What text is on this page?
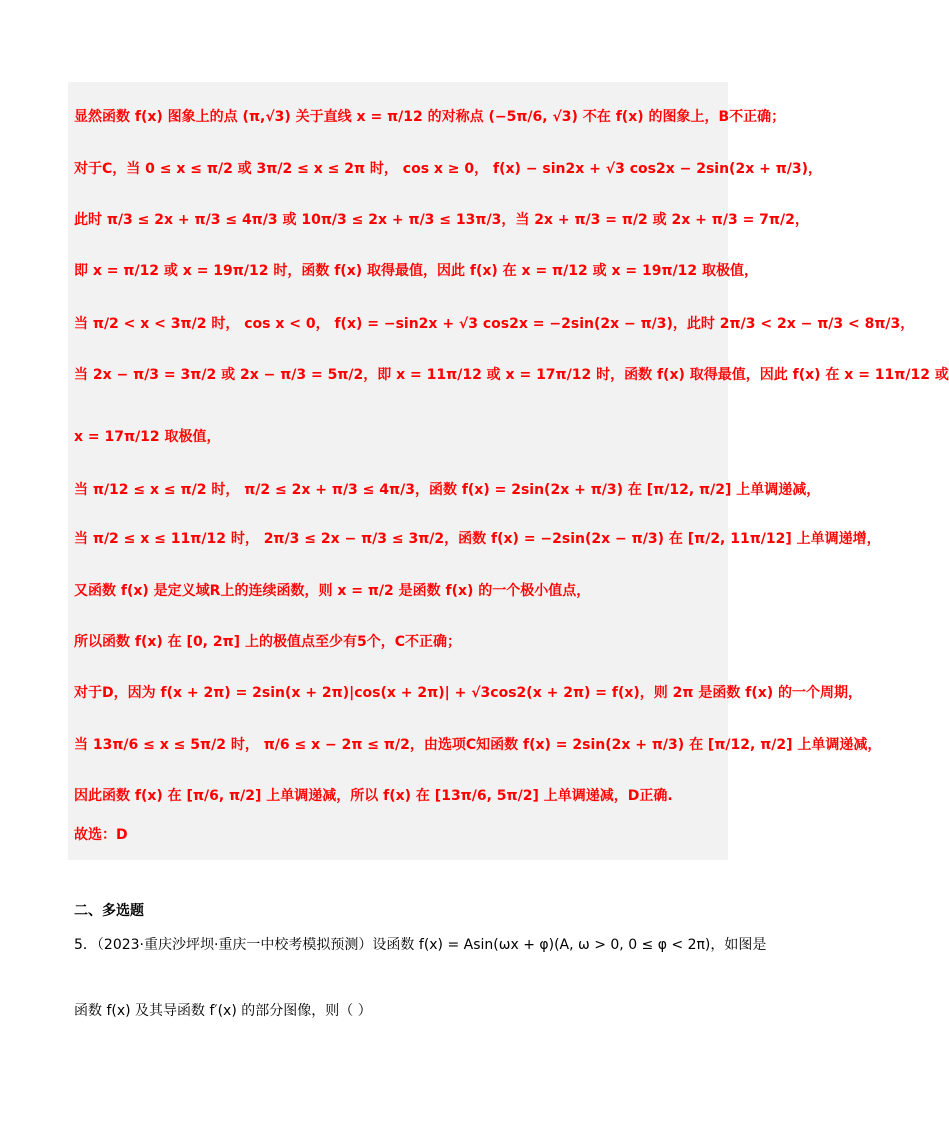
显然函数 f(x) 图象上的点 (π,√3) 关于直线 x = π/12 的对称点 (−5π/6, √3) 不在 f(x) 的图象上，B不正确；
对于C，当 0 ≤ x ≤ π/2 或 3π/2 ≤ x ≤ 2π 时， cos x ≥ 0， f(x) − sin2x + √3 cos2x − 2sin(2x + π/3)，
此时 π/3 ≤ 2x + π/3 ≤ 4π/3 或 10π/3 ≤ 2x + π/3 ≤ 13π/3，当 2x + π/3 = π/2 或 2x + π/3 = 7π/2，
即 x = π/12 或 x = 19π/12 时，函数 f(x) 取得最值，因此 f(x) 在 x = π/12 或 x = 19π/12 取极值，
当 π/2 < x < 3π/2 时， cos x < 0， f(x) = −sin2x + √3 cos2x = −2sin(2x − π/3)，此时 2π/3 < 2x − π/3 < 8π/3，
当 2x − π/3 = 3π/2 或 2x − π/3 = 5π/2，即 x = 11π/12 或 x = 17π/12 时，函数 f(x) 取得最值，因此 f(x) 在 x = 11π/12 或
x = 17π/12 取极值，
当 π/12 ≤ x ≤ π/2 时， π/2 ≤ 2x + π/3 ≤ 4π/3，函数 f(x) = 2sin(2x + π/3) 在 [π/12, π/2] 上单调递减，
当 π/2 ≤ x ≤ 11π/12 时， 2π/3 ≤ 2x − π/3 ≤ 3π/2，函数 f(x) = −2sin(2x − π/3) 在 [π/2, 11π/12] 上单调递增，
又函数 f(x) 是定义域R上的连续函数，则 x = π/2 是函数 f(x) 的一个极小值点，
所以函数 f(x) 在 [0, 2π] 上的极值点至少有5个，C不正确；
对于D，因为 f(x + 2π) = 2sin(x + 2π)|cos(x + 2π)| + √3cos2(x + 2π) = f(x)，则 2π 是函数 f(x) 的一个周期，
当 13π/6 ≤ x ≤ 5π/2 时， π/6 ≤ x − 2π ≤ π/2，由选项C知函数 f(x) = 2sin(2x + π/3) 在 [π/12, π/2] 上单调递减，
因此函数 f(x) 在 [π/6, π/2] 上单调递减，所以 f(x) 在 [13π/6, 5π/2] 上单调递减，D正确.
故选：D
二、多选题
5．（2023·重庆沙坪坝·重庆一中校考模拟预测）设函数 f(x) = Asin(ωx + φ)(A, ω > 0, 0 ≤ φ < 2π)，如图是
函数 f(x) 及其导函数 f′(x) 的部分图像，则（ ）
